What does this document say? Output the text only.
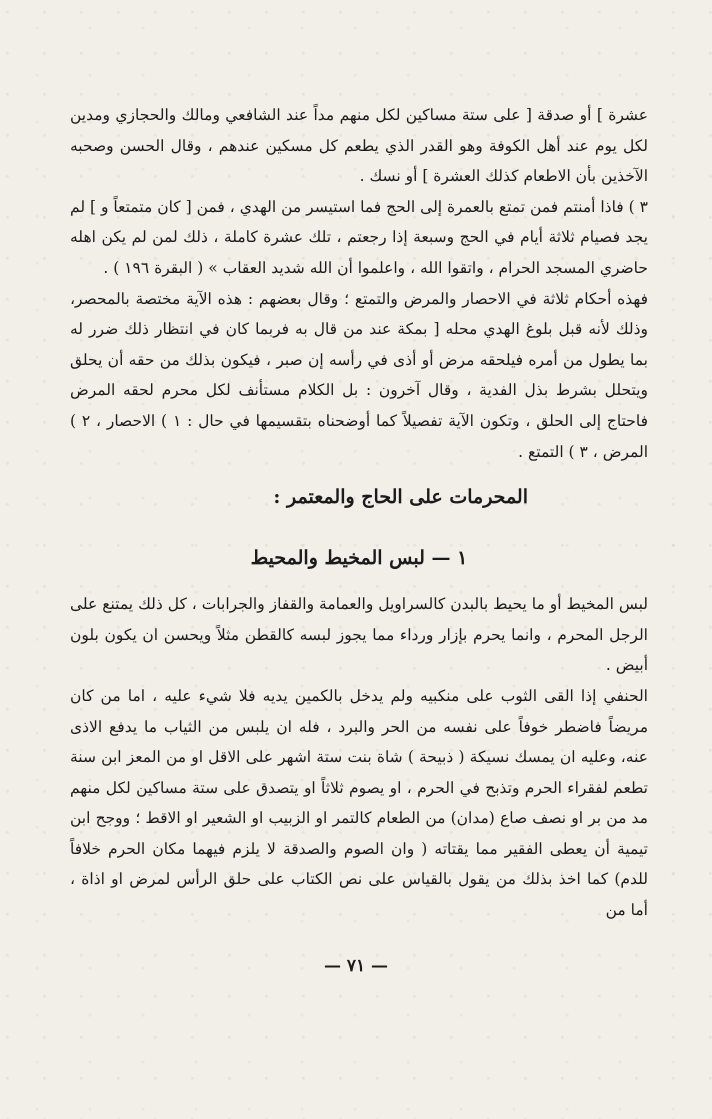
عشرة ] أو صدقة [ على ستة مساكين لكل منهم مداً عند الشافعي ومالك والحجازي ومدين لكل يوم عند أهل الكوفة وهو القدر الذي يطعم كل مسكين عندهم ، وقال الحسن وصحبه الآخذين بأن الاطعام كذلك العشرة ] أو نسك .

٣ ) فاذا أمنتم فمن تمتع بالعمرة إلى الحج فما استيسر من الهدي ، فمن [ كان متمتعاً و ] لم يجد فصيام ثلاثة أيام في الحج وسبعة إذا رجعتم ، تلك عشرة كاملة ، ذلك لمن لم يكن اهله حاضري المسجد الحرام ، واتقوا الله ، واعلموا أن الله شديد العقاب » ( البقرة ١٩٦ ) .

فهذه أحكام ثلاثة في الاحصار والمرض والتمتع ؛ وقال بعضهم : هذه الآية مختصة بالمحصر، وذلك لأنه قبل بلوغ الهدي محله [ بمكة عند من قال به فربما كان في انتظار ذلك ضرر له بما يطول من أمره فيلحقه مرض أو أذى في رأسه إن صبر ، فيكون بذلك من حقه أن يحلق ويتحلل بشرط بذل الفدية ، وقال آخرون : بل الكلام مستأنف لكل محرم لحقه المرض فاحتاج إلى الحلق ، وتكون الآية تفصيلاً كما أوضحناه بتقسيمها في حال : ١ ) الاحصار ، ٢ ) المرض ، ٣ ) التمتع .

المحرمات على الحاج والمعتمر :
١ — لبس المخيط والمحيط

لبس المخيط أو ما يحيط بالبدن كالسراويل والعمامة والقفاز والجرابات ، كل ذلك يمتنع على الرجل المحرم ، وانما يحرم بإزار ورداء مما يجوز لبسه كالقطن مثلاً ويحسن ان يكون بلون أبيض .

الحنفي إذا القى الثوب على منكبيه ولم يدخل بالكمين يديه فلا شيء عليه ، اما من كان مريضاً فاضطر خوفاً على نفسه من الحر والبرد ، فله ان يلبس من الثياب ما يدفع الاذى عنه، وعليه ان يمسك نسيكة ( ذبيحة ) شاة بنت ستة اشهر على الاقل او من المعز ابن سنة تطعم لفقراء الحرم وتذبح في الحرم ، او يصوم ثلاثاً او يتصدق على ستة مساكين لكل منهم مد من بر او نصف صاع (مدان) من الطعام كالتمر او الزبيب او الشعير او الاقط ؛ ووجح ابن تيمية أن يعطى الفقير مما يقتاته ( وان الصوم والصدقة لا يلزم فيهما مكان الحرم خلافاً للدم) كما اخذ بذلك من يقول بالقياس على نص الكتاب على حلق الرأس لمرض او اذاة ، أما من

— ٧١ —
